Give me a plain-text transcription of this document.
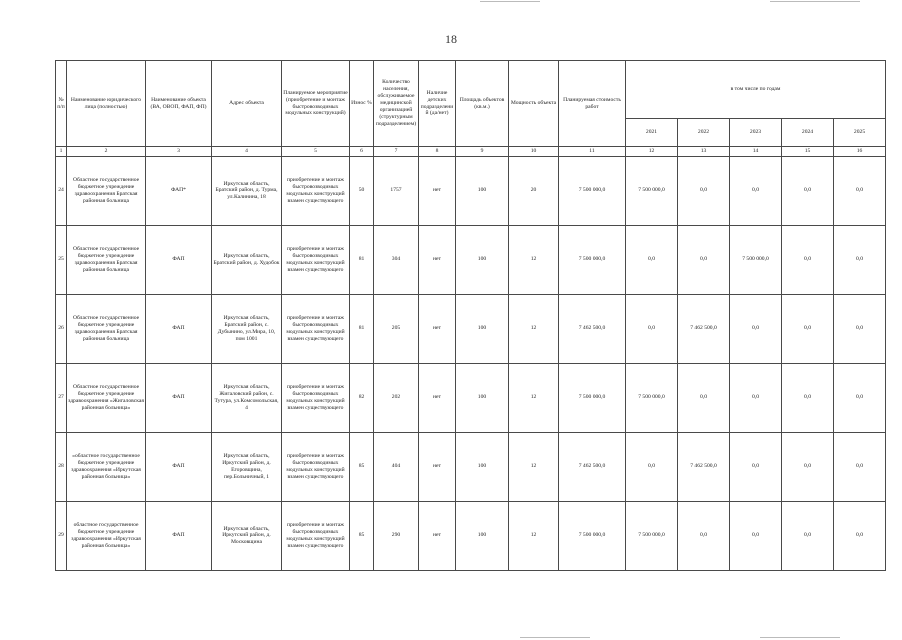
18
№ п/п	Наименование юридического лица (полностью)	Наименование объекта (ВА, ОВОП, ФАП, ФП)	Адрес объекта	Планируемое мероприятие (приобретение и монтаж быстровозводимых модульных конструкций)	Износ %	Количество населения, обслуживаемое медицинской организацией (структурным подразделением)	Наличие детских подразделений (да/нет)	Площадь объектов (кв.м.)	Мощность объекта	Планируемая стоимость работ	в том числе по годам				
											2021	2022	2023	2024	2025
1	2	3	4	5	6	7	8	9	10	11	12	13	14	15	16
24	Областное государственное бюджетное учреждение здравоохранения Братская районная больница	ФАП*	Иркутская область, Братский район, д. Турма, ул.Калинина, 18	приобретение и монтаж быстровозводимых модульных конструкций взамен существующего	50	1757	нет	100	20	7 500 000,0	7 500 000,0	0,0	0,0	0,0	0,0
25	Областное государственное бюджетное учреждение здравоохранения Братская районная больница	ФАП	Иркутская область, Братский район, д. Худобок	приобретение и монтаж быстровозводимых модульных конструкций взамен существующего	81	304	нет	100	12	7 500 000,0	0,0	0,0	7 500 000,0	0,0	0,0
26	Областное государственное бюджетное учреждение здравоохранения Братская районная больница	ФАП	Иркутская область, Братский район, с. Дубынино, ул.Мира, 10, пом 1001	приобретение и монтаж быстровозводимых модульных конструкций взамен существующего	81	205	нет	100	12	7 462 500,0	0,0	7 462 500,0	0,0	0,0	0,0
27	Областное государственное бюджетное учреждение здравоохранения «Жигаловская районная больница»	ФАП	Иркутская область, Жигаловский район, с. Тутура, ул.Комсомольская, 4	приобретение и монтаж быстровозводимых модульных конструкций взамен существующего	82	202	нет	100	12	7 500 000,0	7 500 000,0	0,0	0,0	0,0	0,0
28	«областное государственное бюджетное учреждение здравоохранения «Иркутская районная больница»	ФАП	Иркутская область, Иркутский район, д. Егоровщина, пер.Больничный, 1	приобретение и монтаж быстровозводимых модульных конструкций взамен существующего	85	404	нет	100	12	7 462 500,0	0,0	7 462 500,0	0,0	0,0	0,0
29	областное государственное бюджетное учреждение здравоохранения «Иркутская районная больница»	ФАП	Иркутская область, Иркутский район, д. Московщина	приобретение и монтаж быстровозводимых модульных конструкций взамен существующего	85	290	нет	100	12	7 500 000,0	7 500 000,0	0,0	0,0	0,0	0,0
